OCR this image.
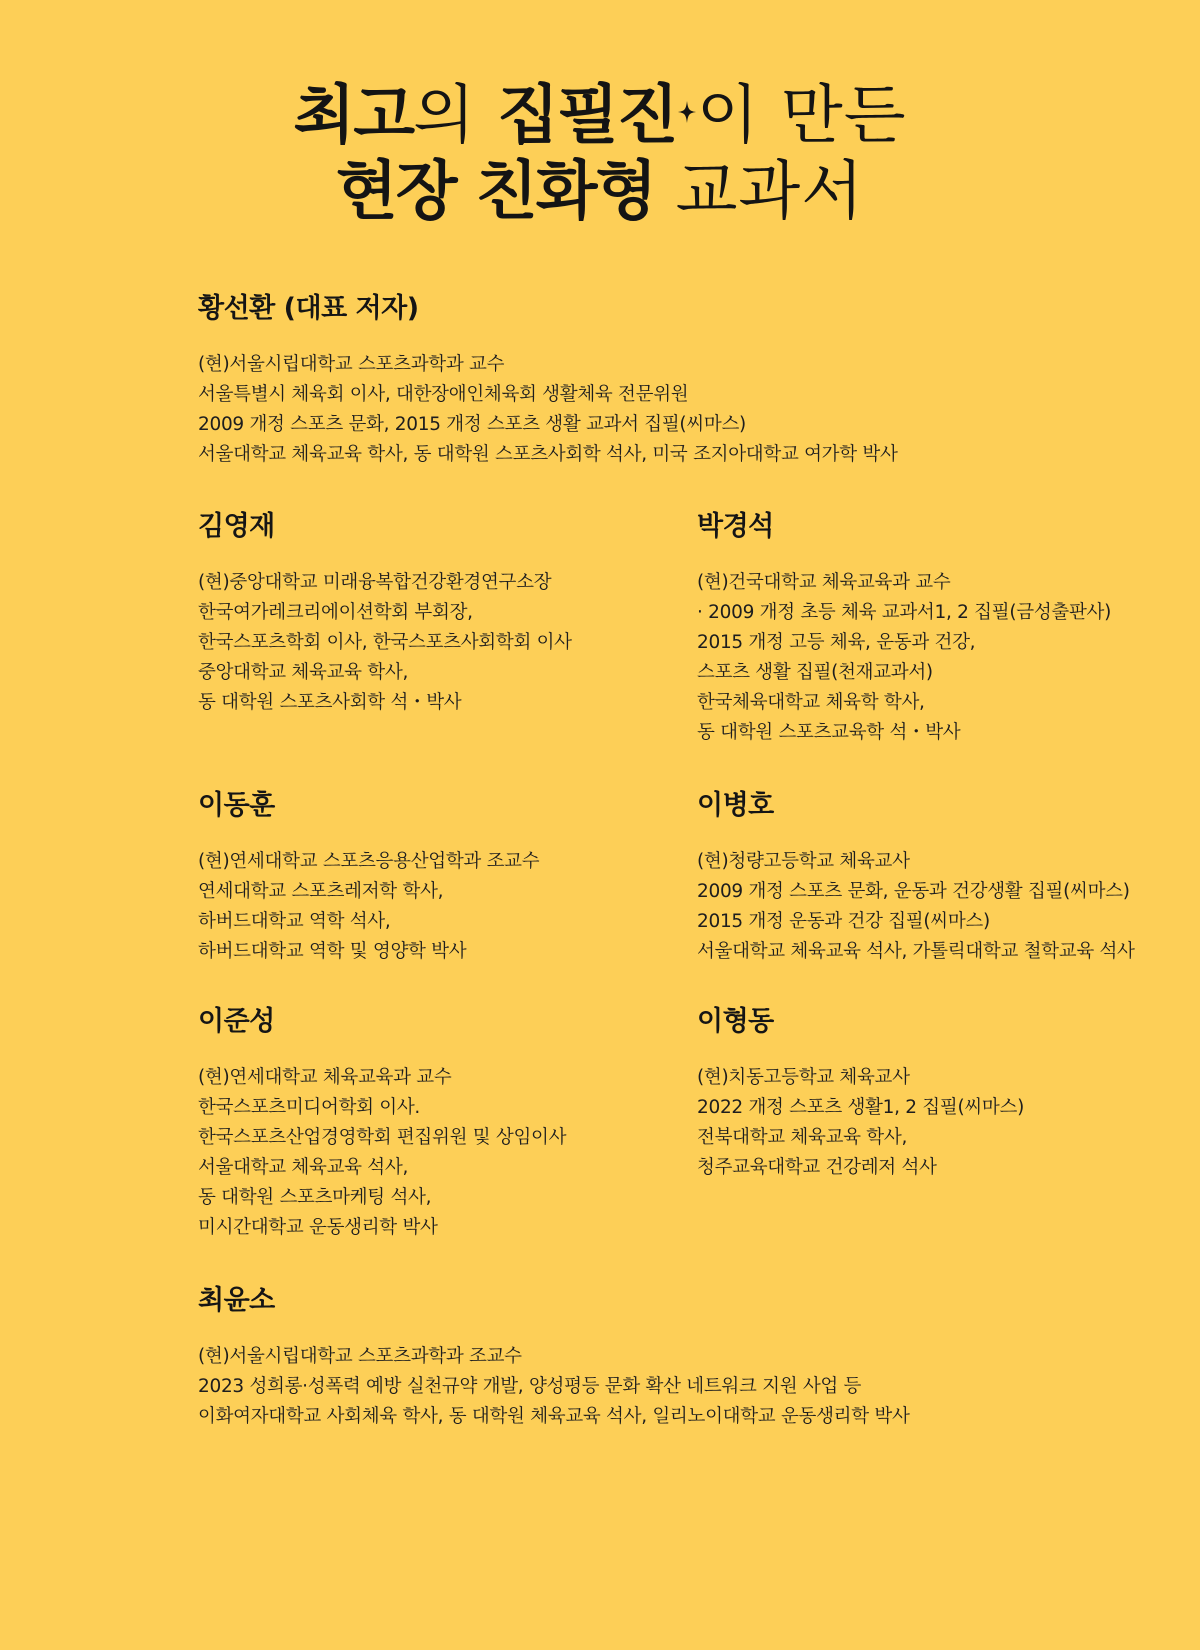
최고의 집필진 이 만든
현장 친화형 교과서
황선환 (대표 저자)
(현)서울시립대학교 스포츠과학과 교수
서울특별시 체육회 이사, 대한장애인체육회 생활체육 전문위원
2009 개정 스포츠 문화, 2015 개정 스포츠 생활 교과서 집필(씨마스)
서울대학교 체육교육 학사, 동 대학원 스포츠사회학 석사, 미국 조지아대학교 여가학 박사
김영재
(현)중앙대학교 미래융복합건강환경연구소장
한국여가레크리에이션학회 부회장,
한국스포츠학회 이사, 한국스포츠사회학회 이사
중앙대학교 체육교육 학사,
동 대학원 스포츠사회학 석・박사
박경석
(현)건국대학교 체육교육과 교수
· 2009 개정 초등 체육 교과서1, 2 집필(금성출판사)
2015 개정 고등 체육, 운동과 건강,
스포츠 생활 집필(천재교과서)
한국체육대학교 체육학 학사,
동 대학원 스포츠교육학 석・박사
이동훈
(현)연세대학교 스포츠응용산업학과 조교수
연세대학교 스포츠레저학 학사,
하버드대학교 역학 석사,
하버드대학교 역학 및 영양학 박사
이병호
(현)청량고등학교 체육교사
2009 개정 스포츠 문화, 운동과 건강생활 집필(씨마스)
2015 개정 운동과 건강 집필(씨마스)
서울대학교 체육교육 석사, 가톨릭대학교 철학교육 석사
이준성
(현)연세대학교 체육교육과 교수
한국스포츠미디어학회 이사.
한국스포츠산업경영학회 편집위원 및 상임이사
서울대학교 체육교육 석사,
동 대학원 스포츠마케팅 석사,
미시간대학교 운동생리학 박사
이형동
(현)치동고등학교 체육교사
2022 개정 스포츠 생활1, 2 집필(씨마스)
전북대학교 체육교육 학사,
청주교육대학교 건강레저 석사
최윤소
(현)서울시립대학교 스포츠과학과 조교수
2023 성희롱·성폭력 예방 실천규약 개발, 양성평등 문화 확산 네트워크 지원 사업 등
이화여자대학교 사회체육 학사, 동 대학원 체육교육 석사, 일리노이대학교 운동생리학 박사
